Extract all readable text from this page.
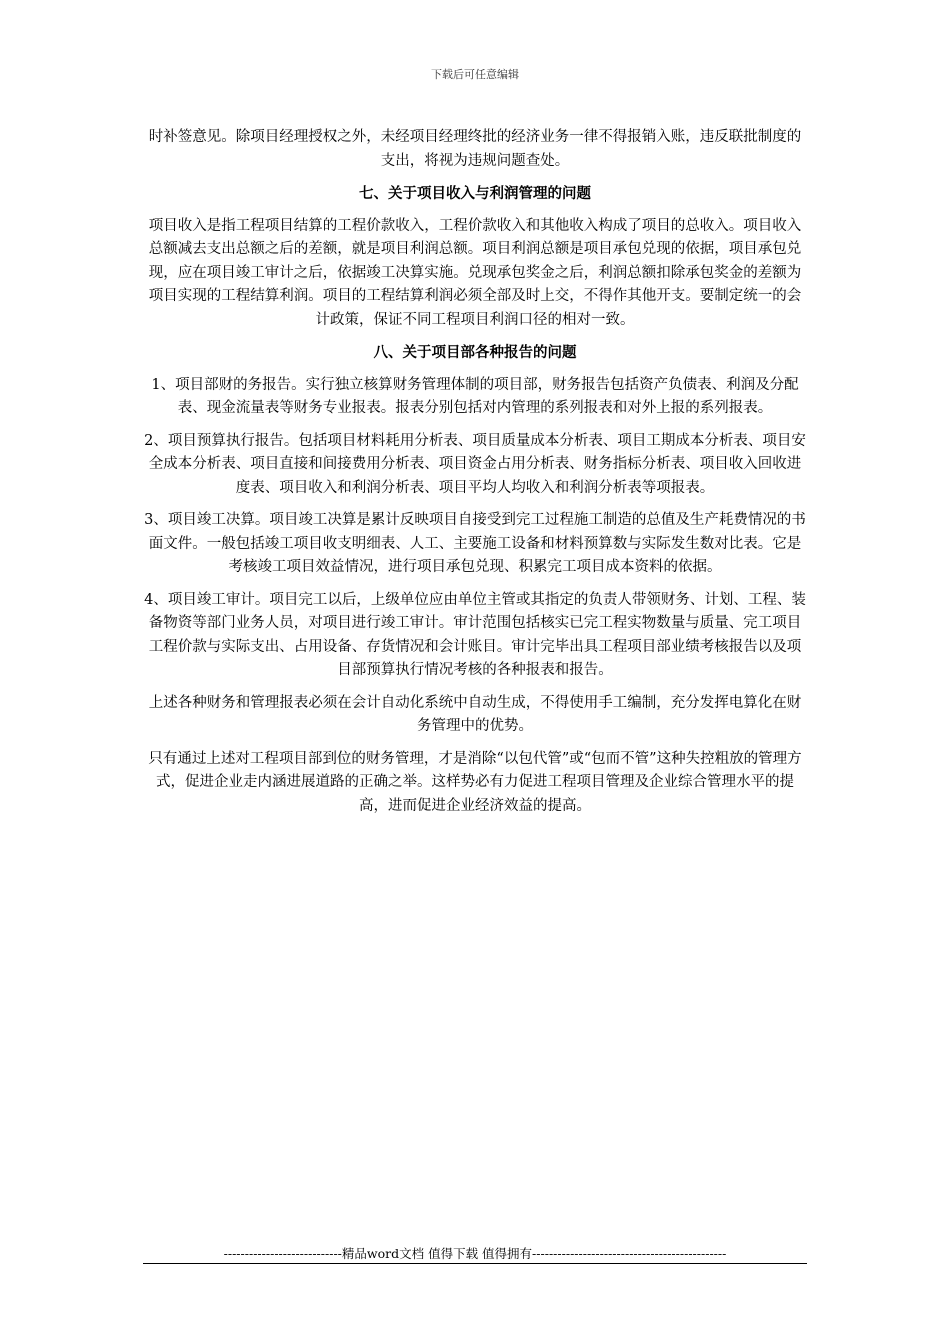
下载后可任意编辑

时补签意见。除项目经理授权之外，未经项目经理终批的经济业务一律不得报销入账，违反联批制度的支出，将视为违规问题查处。

七、关于项目收入与利润管理的问题

项目收入是指工程项目结算的工程价款收入，工程价款收入和其他收入构成了项目的总收入。项目收入总额减去支出总额之后的差额，就是项目利润总额。项目利润总额是项目承包兑现的依据，项目承包兑现，应在项目竣工审计之后，依据竣工决算实施。兑现承包奖金之后，利润总额扣除承包奖金的差额为项目实现的工程结算利润。项目的工程结算利润必须全部及时上交，不得作其他开支。要制定统一的会计政策，保证不同工程项目利润口径的相对一致。

八、关于项目部各种报告的问题

1、项目部财的务报告。实行独立核算财务管理体制的项目部，财务报告包括资产负债表、利润及分配表、现金流量表等财务专业报表。报表分别包括对内管理的系列报表和对外上报的系列报表。

2、项目预算执行报告。包括项目材料耗用分析表、项目质量成本分析表、项目工期成本分析表、项目安全成本分析表、项目直接和间接费用分析表、项目资金占用分析表、财务指标分析表、项目收入回收进度表、项目收入和利润分析表、项目平均人均收入和利润分析表等项报表。

3、项目竣工决算。项目竣工决算是累计反映项目自接受到完工过程施工制造的总值及生产耗费情况的书面文件。一般包括竣工项目收支明细表、人工、主要施工设备和材料预算数与实际发生数对比表。它是考核竣工项目效益情况，进行项目承包兑现、积累完工项目成本资料的依据。

4、项目竣工审计。项目完工以后，上级单位应由单位主管或其指定的负责人带领财务、计划、工程、装备物资等部门业务人员，对项目进行竣工审计。审计范围包括核实已完工程实物数量与质量、完工项目工程价款与实际支出、占用设备、存货情况和会计账目。审计完毕出具工程项目部业绩考核报告以及项目部预算执行情况考核的各种报表和报告。

上述各种财务和管理报表必须在会计自动化系统中自动生成，不得使用手工编制，充分发挥电算化在财务管理中的优势。

只有通过上述对工程项目部到位的财务管理，才是消除“以包代管”或“包而不管”这种失控粗放的管理方式，促进企业走内涵进展道路的正确之举。这样势必有力促进工程项目管理及企业综合管理水平的提高，进而促进企业经济效益的提高。

----------------------------精品word文档 值得下载 值得拥有----------------------------------------------
